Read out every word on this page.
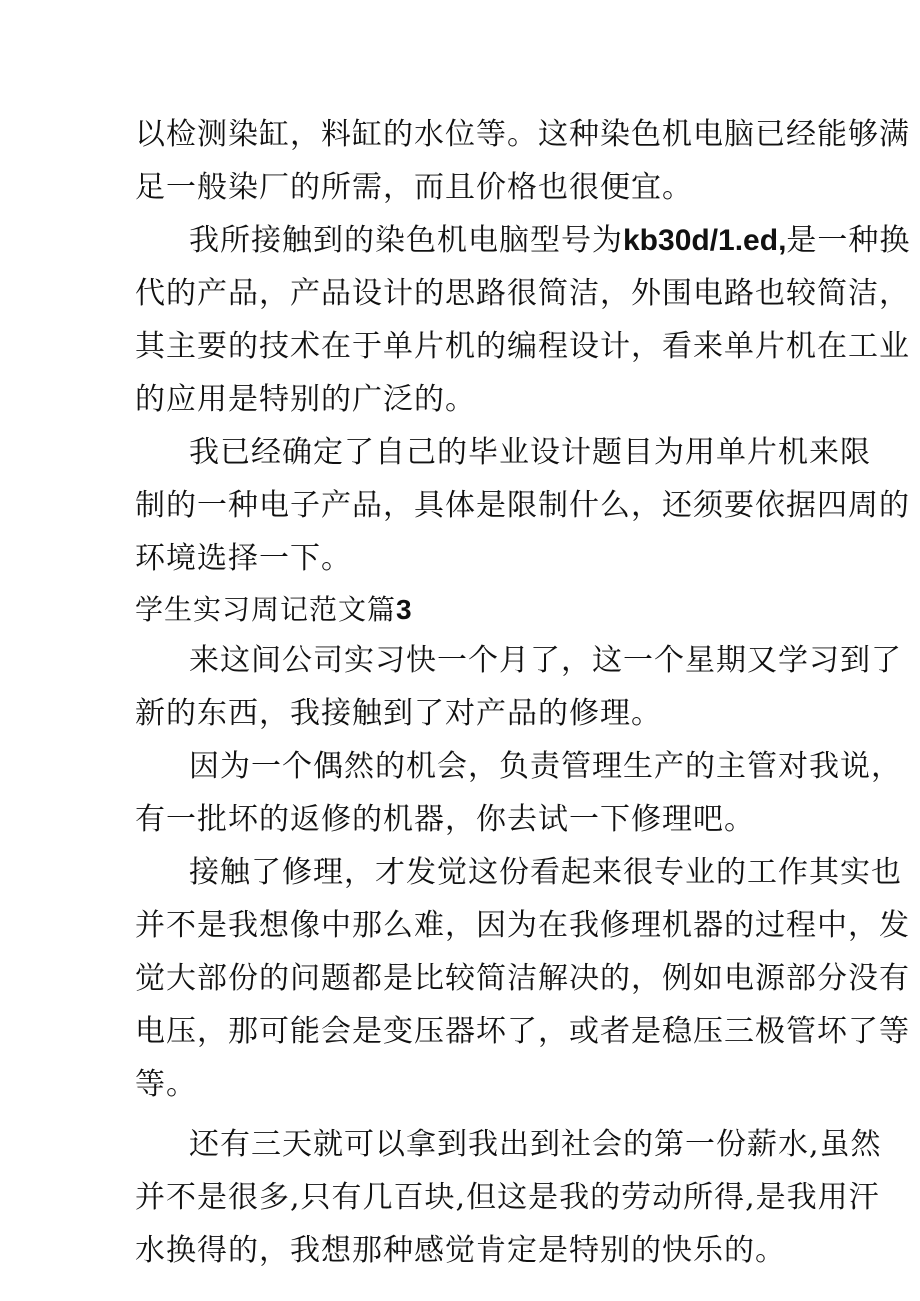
以检测染缸，料缸的水位等。这种染色机电脑已经能够满
足一般染厂的所需，而且价格也很便宜。
我所接触到的染色机电脑型号为kb30d/1.ed,是一种换
代的产品，产品设计的思路很简洁，外围电路也较简洁，
其主要的技术在于单片机的编程设计，看来单片机在工业
的应用是特别的广泛的。
我已经确定了自己的毕业设计题目为用单片机来限
制的一种电子产品，具体是限制什么，还须要依据四周的
环境选择一下。
学生实习周记范文篇3
来这间公司实习快一个月了，这一个星期又学习到了
新的东西，我接触到了对产品的修理。
因为一个偶然的机会，负责管理生产的主管对我说，
有一批坏的返修的机器，你去试一下修理吧。
接触了修理，才发觉这份看起来很专业的工作其实也
并不是我想像中那么难，因为在我修理机器的过程中，发
觉大部份的问题都是比较简洁解决的，例如电源部分没有
电压，那可能会是变压器坏了，或者是稳压三极管坏了等
等。
还有三天就可以拿到我出到社会的第一份薪水,虽然
并不是很多,只有几百块,但这是我的劳动所得,是我用汗
水换得的，我想那种感觉肯定是特别的快乐的。
